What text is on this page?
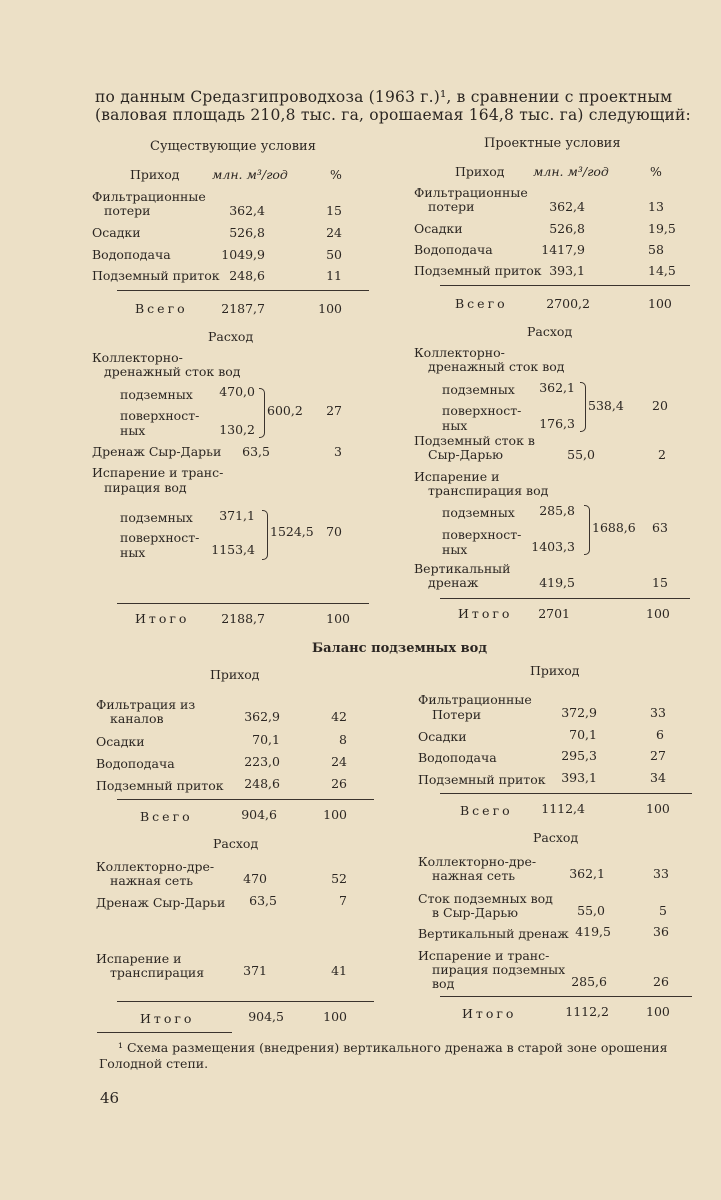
по данным Средазгипроводхоза (1963 г.)¹, в сравнении с проектным
(валовая площадь 210,8 тыс. га, орошаемая 164,8 тыс. га) следующий:
Существующие условия
Приход	млн. м³/год	%
Фильтрационные
потери	362,4	15
Осадки	526,8	24
Водоподача	1049,9	50
Подземный приток 248,6	11
Всего	2187,7	100
Расход
Коллекторно-
дренажный сток вод
подземных	470,0
поверхност-
ных	130,2
600,2	27
Дренаж Сыр-Дарьи	63,5	3
Испарение и транс-
пирация вод
подземных	371,1
поверхност-
ных	1153,4
1524,5 70
Итого	2188,7	100
Проектные условия
Приход млн. м³/год	%
Фильтрационные
потери	362,4	13
Осадки	526,8	19,5
Водоподача	1417,9	58
Подземный приток 393,1	14,5
Всего	2700,2	100
Расход
Коллекторно-
дренажный сток вод
подземных	362,1
поверхност-
ных	176,3
538,4 20
Подземный сток в
Сыр-Дарью	55,0	2
Испарение и
транспирация вод
подземных	285,8
поверхност-
ных	1403,3
1688,6 63
Вертикальный
дренаж	419,5	15
Итого	2701	100
Баланс подземных вод
Приход
Фильтрация из
каналов	362,9	42
Осадки	70,1	8
Водоподача	223,0	24
Подземный приток	248,6	26
Всего	904,6	100
Расход
Коллекторно-дре-
нажная сеть	470	52
Дренаж Сыр-Дарьи	63,5	7
Испарение и
транспирация	371	41
Итого	904,5	100
Приход
Фильтрационные
Потери	372,9	33
Осадки	70,1	6
Водоподача	295,3	27
Подземный приток	393,1	34
Всего	1112,4	100
Расход
Коллекторно-дре-
нажная сеть	362,1	33
Сток подземных вод
в Сыр-Дарью	55,0	5
Вертикальный дренаж 419,5	36
Испарение и транс-
пирация подземных
вод	285,6	26
Итого	1112,2	100
¹ Схема размещения (внедрения) вертикального дренажа в старой зоне орошения
Голодной степи.
46
